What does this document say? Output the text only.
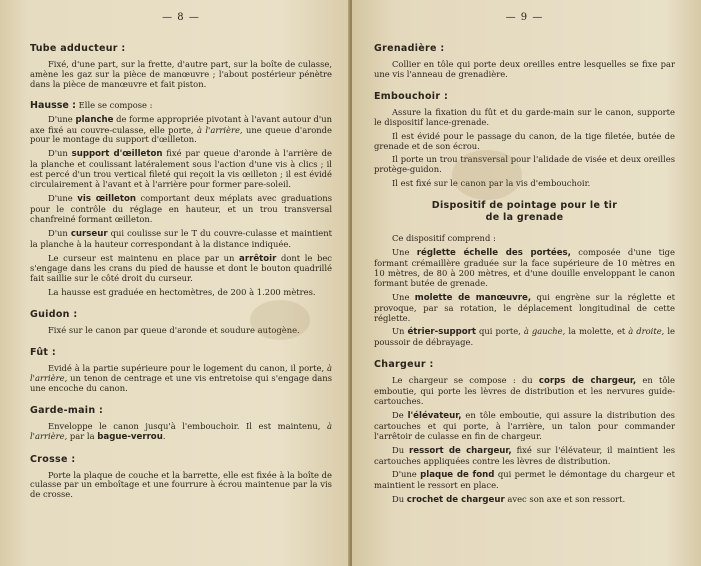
— 8 —
Tube adducteur :

Fixé, d'une part, sur la frette, d'autre part, sur la boîte de culasse, amène les gaz sur la pièce de manœuvre ; l'about postérieur pénètre dans la pièce de manœuvre et fait piston.

Hausse : Elle se compose :

D'une planche de forme appropriée pivotant à l'avant autour d'un axe fixé au couvre-culasse, elle porte, à l'arrière, une queue d'aronde pour le montage du support d'œilleton.

D'un support d'œilleton fixé par queue d'aronde à l'arrière de la planche et coulissant latéralement sous l'action d'une vis à clics ; il est percé d'un trou vertical fileté qui reçoit la vis œilleton ; il est évidé circulairement à l'avant et à l'arrière pour former pare-soleil.

D'une vis œilleton comportant deux méplats avec graduations pour le contrôle du réglage en hauteur, et un trou transversal chanfreiné formant œilleton.

D'un curseur qui coulisse sur le T du couvre-culasse et maintient la planche à la hauteur correspondant à la distance indiquée.

Le curseur est maintenu en place par un arrêtoir dont le bec s'engage dans les crans du pied de hausse et dont le bouton quadrillé fait saillie sur le côté droit du curseur.

La hausse est graduée en hectomètres, de 200 à 1.200 mètres.

Guidon :

Fixé sur le canon par queue d'aronde et soudure autogène.

Fût :

Evidé à la partie supérieure pour le logement du canon, il porte, à l'arrière, un tenon de centrage et une vis entretoise qui s'engage dans une encoche du canon.

Garde-main :

Enveloppe le canon jusqu'à l'embouchoir. Il est maintenu, à l'arrière, par la bague-verrou.

Crosse :

Porte la plaque de couche et la barrette, elle est fixée à la boîte de culasse par un emboîtage et une fourrure à écrou maintenue par la vis de crosse.

— 9 —
Grenadière :

Collier en tôle qui porte deux oreilles entre lesquelles se fixe par une vis l'anneau de grenadière.

Embouchoir :

Assure la fixation du fût et du garde-main sur le canon, supporte le dispositif lance-grenade.

Il est évidé pour le passage du canon, de la tige filetée, butée de grenade et de son écrou.

Il porte un trou transversal pour l'alidade de visée et deux oreilles protège-guidon.

Il est fixé sur le canon par la vis d'embouchoir.

Dispositif de pointage pour le tir
de la grenade

Ce dispositif comprend :

Une réglette échelle des portées, composée d'une tige formant crémaillère graduée sur la face supérieure de 10 mètres en 10 mètres, de 80 à 200 mètres, et d'une douille enveloppant le canon formant butée de grenade.

Une molette de manœuvre, qui engrène sur la réglette et provoque, par sa rotation, le déplacement longitudinal de cette réglette.

Un étrier-support qui porte, à gauche, la molette, et à droite, le poussoir de débrayage.

Chargeur :

Le chargeur se compose : du corps de chargeur, en tôle emboutie, qui porte les lèvres de distribution et les nervures guide-cartouches.

De l'élévateur, en tôle emboutie, qui assure la distribution des cartouches et qui porte, à l'arrière, un talon pour commander l'arrêtoir de culasse en fin de chargeur.

Du ressort de chargeur, fixé sur l'élévateur, il maintient les cartouches appliquées contre les lèvres de distribution.

D'une plaque de fond qui permet le démontage du chargeur et maintient le ressort en place.

Du crochet de chargeur avec son axe et son ressort.
